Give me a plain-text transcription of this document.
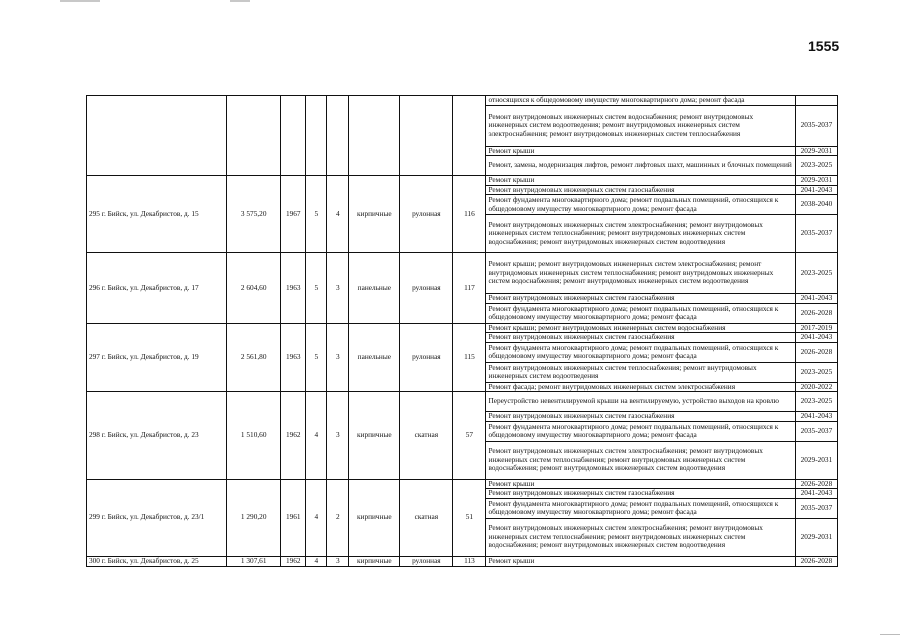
1555
								относящихся к общедомовому имуществу многоквартирного дома; ремонт фасада	
								Ремонт внутридомовых инженерных систем водоснабжения; ремонт внутридомовых инженерных систем водоотведения; ремонт внутридомовых инженерных систем электроснабжения; ремонт внутридомовых инженерных систем теплоснабжения	2035-2037
								Ремонт крыши	2029-2031
								Ремонт, замена, модернизация лифтов, ремонт лифтовых шахт, машинных и блочных помещений	2023-2025
295 г. Бийск, ул. Декабристов, д. 15	3 575,20	1967	5	4	кирпичные	рулонная	116	Ремонт крыши	2029-2031
								Ремонт внутридомовых инженерных систем газоснабжения	2041-2043
								Ремонт фундамента многоквартирного дома; ремонт подвальных помещений, относящихся к общедомовому имуществу многоквартирного дома; ремонт фасада	2038-2040
								Ремонт внутридомовых инженерных систем электроснабжения; ремонт внутридомовых инженерных систем теплоснабжения; ремонт внутридомовых инженерных систем водоснабжения; ремонт внутридомовых инженерных систем водоотведения	2035-2037
296 г. Бийск, ул. Декабристов, д. 17	2 604,60	1963	5	3	панельные	рулонная	117	Ремонт крыши; ремонт внутридомовых инженерных систем электроснабжения; ремонт внутридомовых инженерных систем теплоснабжения; ремонт внутридомовых инженерных систем водоснабжения; ремонт внутридомовых инженерных систем водоотведения	2023-2025
								Ремонт внутридомовых инженерных систем газоснабжения	2041-2043
								Ремонт фундамента многоквартирного дома; ремонт подвальных помещений, относящихся к общедомовому имуществу многоквартирного дома; ремонт фасада	2026-2028
297 г. Бийск, ул. Декабристов, д. 19	2 561,80	1963	5	3	панельные	рулонная	115	Ремонт крыши; ремонт внутридомовых инженерных систем водоснабжения	2017-2019
								Ремонт внутридомовых инженерных систем газоснабжения	2041-2043
								Ремонт фундамента многоквартирного дома; ремонт подвальных помещений, относящихся к общедомовому имуществу многоквартирного дома; ремонт фасада	2026-2028
								Ремонт внутридомовых инженерных систем теплоснабжения; ремонт внутридомовых инженерных систем водоотведения	2023-2025
								Ремонт фасада; ремонт внутридомовых инженерных систем электроснабжения	2020-2022
298 г. Бийск, ул. Декабристов, д. 23	1 510,60	1962	4	3	кирпичные	скатная	57	Переустройство невентилируемой крыши на вентилируемую, устройство выходов на кровлю	2023-2025
								Ремонт внутридомовых инженерных систем газоснабжения	2041-2043
								Ремонт фундамента многоквартирного дома; ремонт подвальных помещений, относящихся к общедомовому имуществу многоквартирного дома; ремонт фасада	2035-2037
								Ремонт внутридомовых инженерных систем электроснабжения; ремонт внутридомовых инженерных систем теплоснабжения; ремонт внутридомовых инженерных систем водоснабжения; ремонт внутридомовых инженерных систем водоотведения	2029-2031
299 г. Бийск, ул. Декабристов, д. 23/1	1 290,20	1961	4	2	кирпичные	скатная	51	Ремонт крыши	2026-2028
								Ремонт внутридомовых инженерных систем газоснабжения	2041-2043
								Ремонт фундамента многоквартирного дома; ремонт подвальных помещений, относящихся к общедомовому имуществу многоквартирного дома; ремонт фасада	2035-2037
								Ремонт внутридомовых инженерных систем электроснабжения; ремонт внутридомовых инженерных систем теплоснабжения; ремонт внутридомовых инженерных систем водоснабжения; ремонт внутридомовых инженерных систем водоотведения	2029-2031
300 г. Бийск, ул. Декабристов, д. 25	1 307,61	1962	4	3	кирпичные	рулонная	113	Ремонт крыши	2026-2028
